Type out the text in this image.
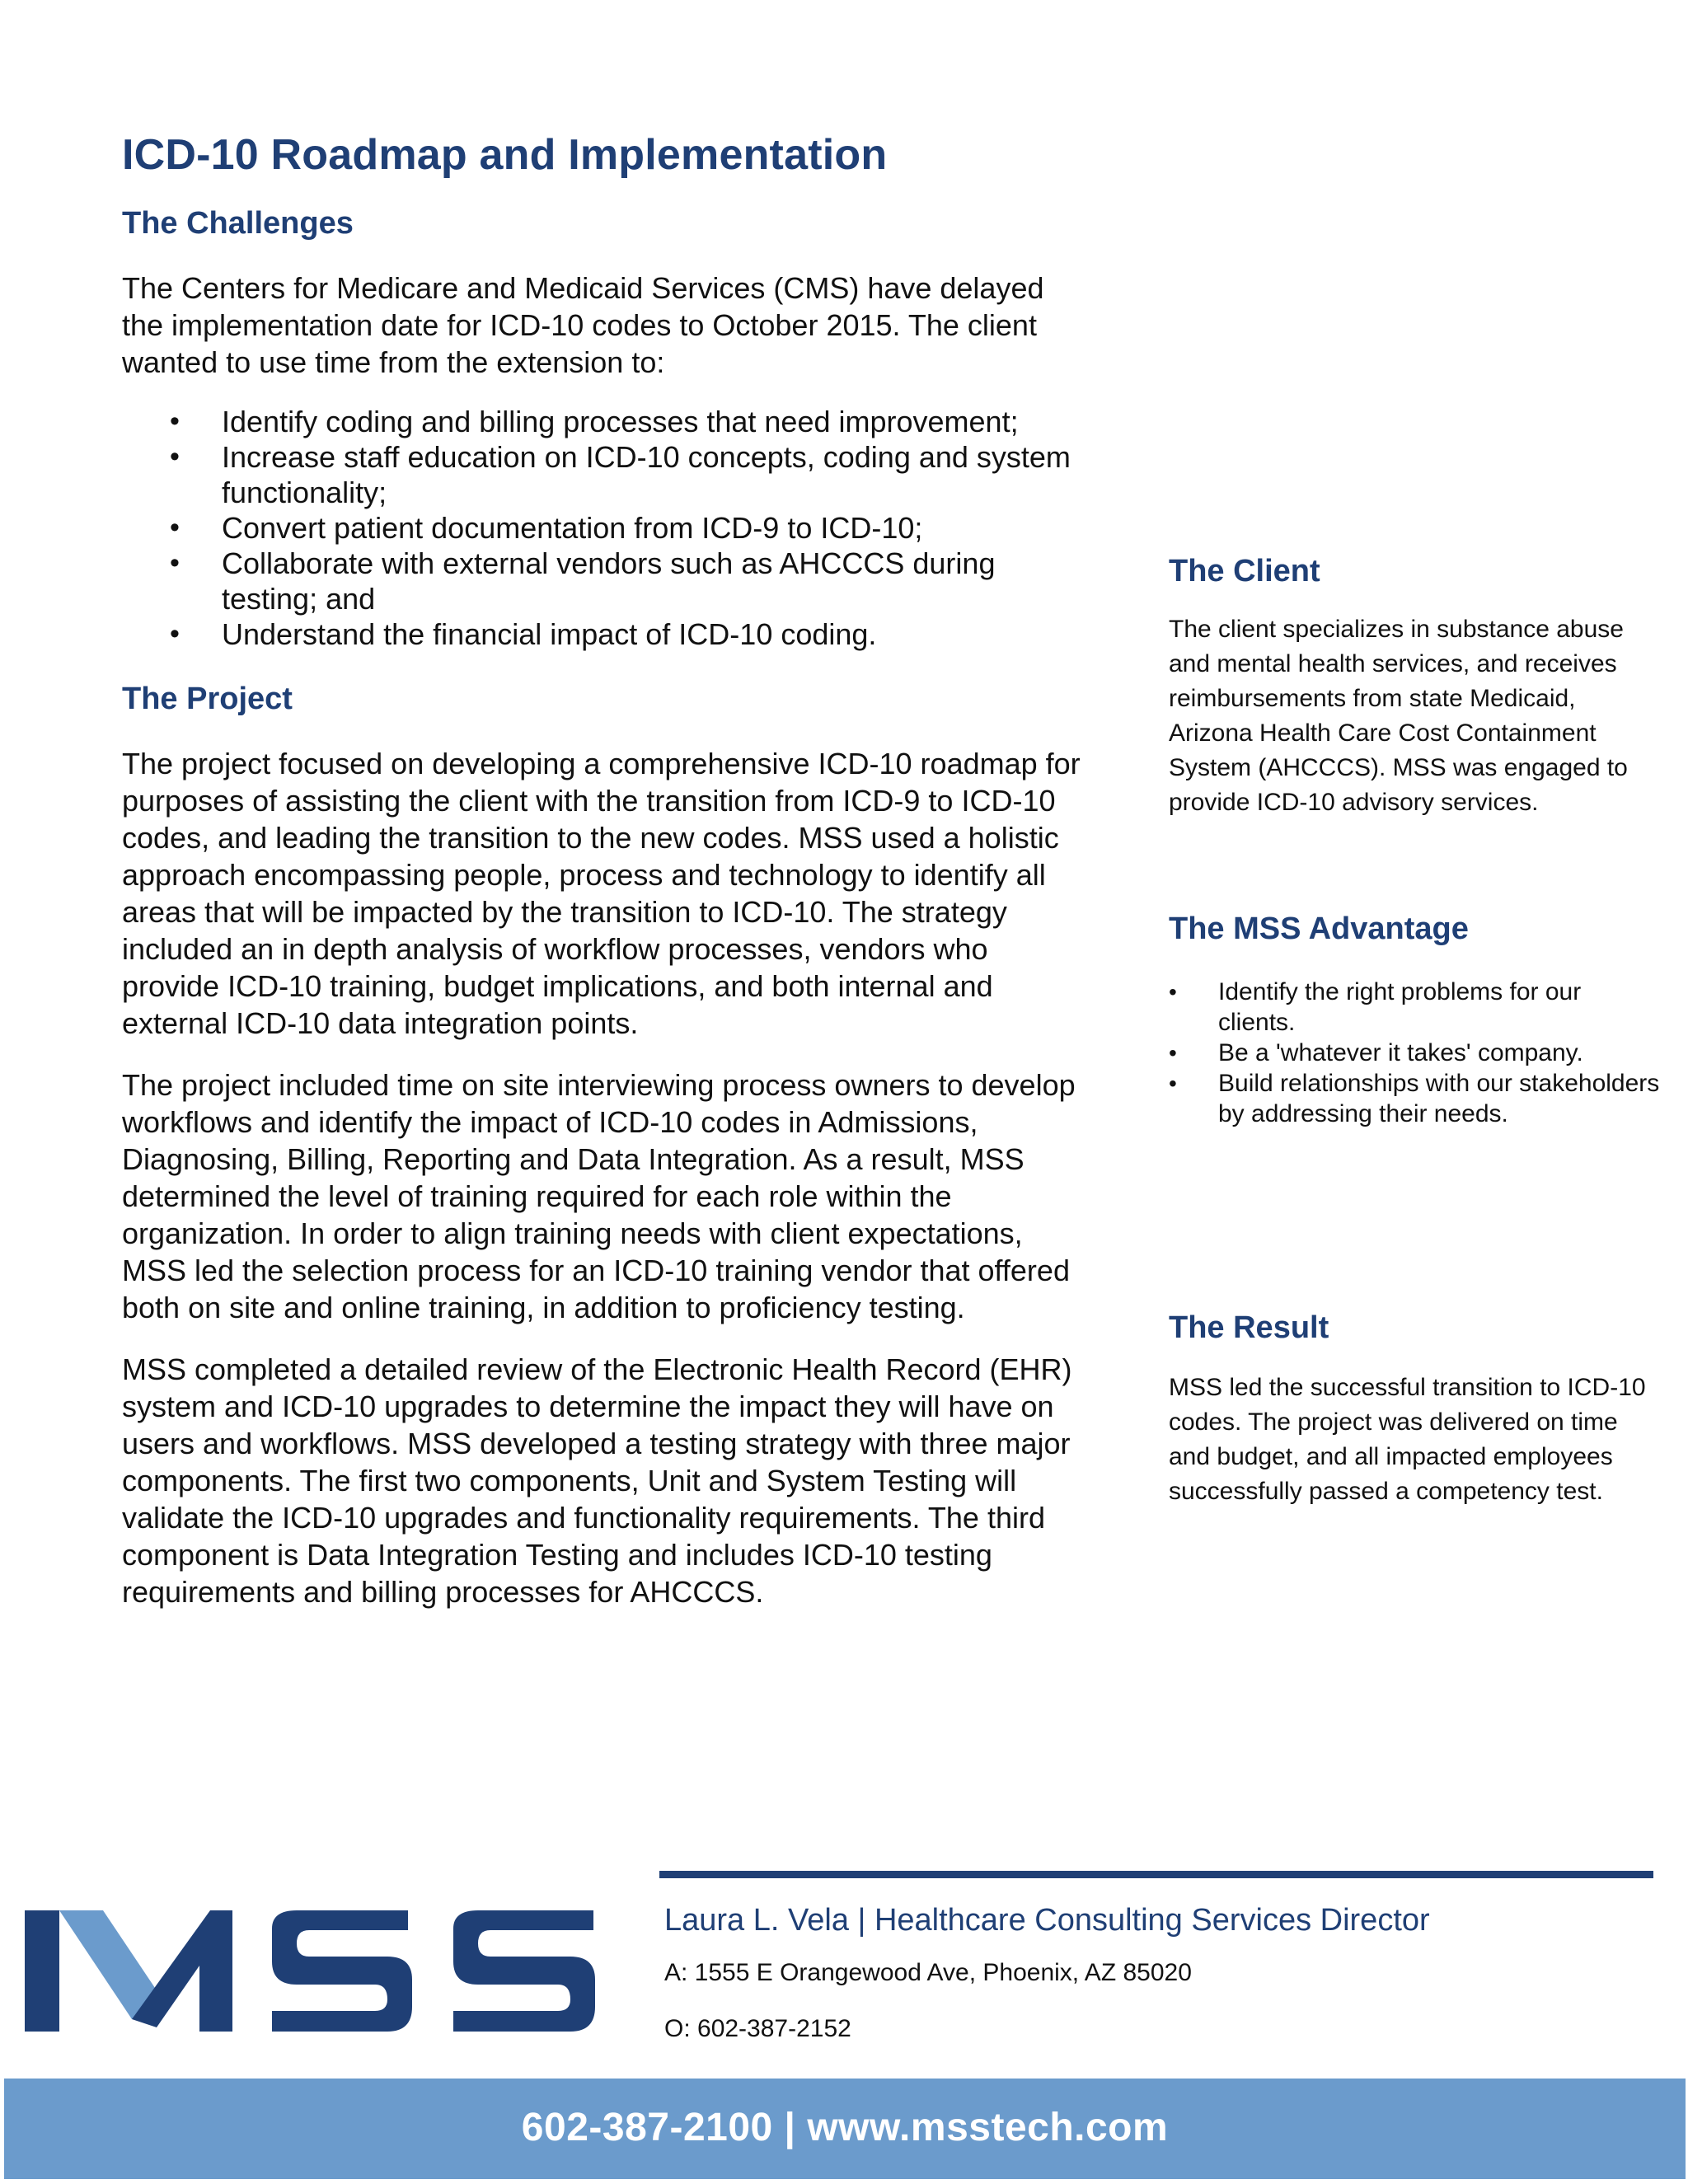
ICD-10 Roadmap and Implementation
The Challenges

The Centers for Medicare and Medicaid Services (CMS) have delayed the implementation date for ICD-10 codes to October 2015. The client wanted to use time from the extension to:

• Identify coding and billing processes that need improvement;
• Increase staff education on ICD-10 concepts, coding and system functionality;
• Convert patient documentation from ICD-9 to ICD-10;
• Collaborate with external vendors such as AHCCCS during testing; and
• Understand the financial impact of ICD-10 coding.
The Project

The project focused on developing a comprehensive ICD-10 roadmap for purposes of assisting the client with the transition from ICD-9 to ICD-10 codes, and leading the transition to the new codes. MSS used a holistic approach encompassing people, process and technology to identify all areas that will be impacted by the transition to ICD-10. The strategy included an in depth analysis of workflow processes, vendors who provide ICD-10 training, budget implications, and both internal and external ICD-10 data integration points.

The project included time on site interviewing process owners to develop workflows and identify the impact of ICD-10 codes in Admissions, Diagnosing, Billing, Reporting and Data Integration. As a result, MSS determined the level of training required for each role within the organization. In order to align training needs with client expectations, MSS led the selection process for an ICD-10 training vendor that offered both on site and online training, in addition to proficiency testing.

MSS completed a detailed review of the Electronic Health Record (EHR) system and ICD-10 upgrades to determine the impact they will have on users and workflows. MSS developed a testing strategy with three major components. The first two components, Unit and System Testing will validate the ICD-10 upgrades and functionality requirements. The third component is Data Integration Testing and includes ICD-10 testing requirements and billing processes for AHCCCS.

The Client

The client specializes in substance abuse and mental health services, and receives reimbursements from state Medicaid, Arizona Health Care Cost Containment System (AHCCCS). MSS was engaged to provide ICD-10 advisory services.

The MSS Advantage
• Identify the right problems for our clients.
• Be a 'whatever it takes' company.
• Build relationships with our stakeholders by addressing their needs.
The Result

MSS led the successful transition to ICD-10 codes. The project was delivered on time and budget, and all impacted employees successfully passed a competency test.

Laura L. Vela | Healthcare Consulting Services Director

A: 1555 E Orangewood Ave, Phoenix, AZ 85020

O: 602-387-2152

602-387-2100 | www.msstech.com
